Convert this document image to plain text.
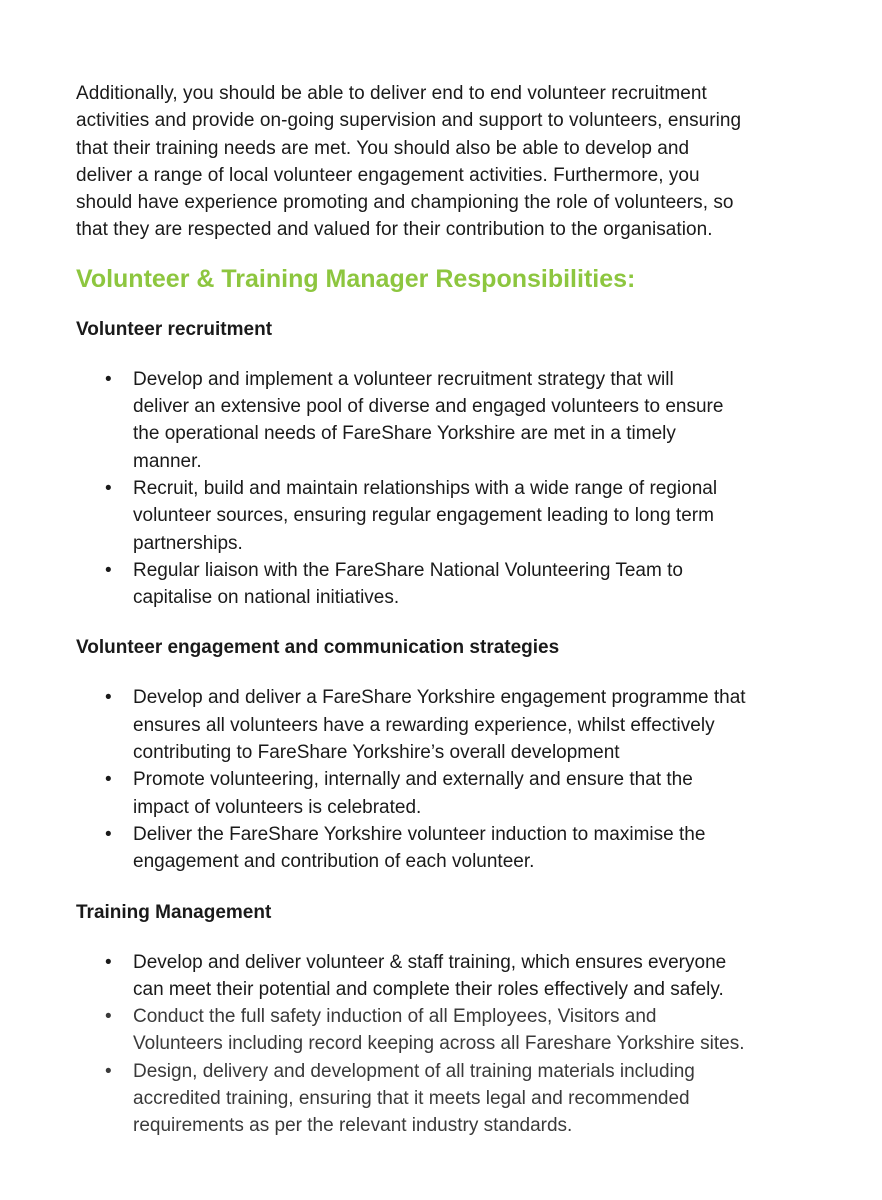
Additionally, you should be able to deliver end to end volunteer recruitment
activities and provide on-going supervision and support to volunteers, ensuring
that their training needs are met. You should also be able to develop and
deliver a range of local volunteer engagement activities. Furthermore, you
should have experience promoting and championing the role of volunteers, so
that they are respected and valued for their contribution to the organisation.

Volunteer & Training Manager Responsibilities:
Volunteer recruitment
• Develop and implement a volunteer recruitment strategy that will
deliver an extensive pool of diverse and engaged volunteers to ensure
the operational needs of FareShare Yorkshire are met in a timely
manner.
• Recruit, build and maintain relationships with a wide range of regional
volunteer sources, ensuring regular engagement leading to long term
partnerships.
• Regular liaison with the FareShare National Volunteering Team to
capitalise on national initiatives.
Volunteer engagement and communication strategies
• Develop and deliver a FareShare Yorkshire engagement programme that
ensures all volunteers have a rewarding experience, whilst effectively
contributing to FareShare Yorkshire’s overall development
• Promote volunteering, internally and externally and ensure that the
impact of volunteers is celebrated.
• Deliver the FareShare Yorkshire volunteer induction to maximise the
engagement and contribution of each volunteer.
Training Management
• Develop and deliver volunteer & staff training, which ensures everyone
can meet their potential and complete their roles effectively and safely.
• Conduct the full safety induction of all Employees, Visitors and
Volunteers including record keeping across all Fareshare Yorkshire sites.
• Design, delivery and development of all training materials including
accredited training, ensuring that it meets legal and recommended
requirements as per the relevant industry standards.
